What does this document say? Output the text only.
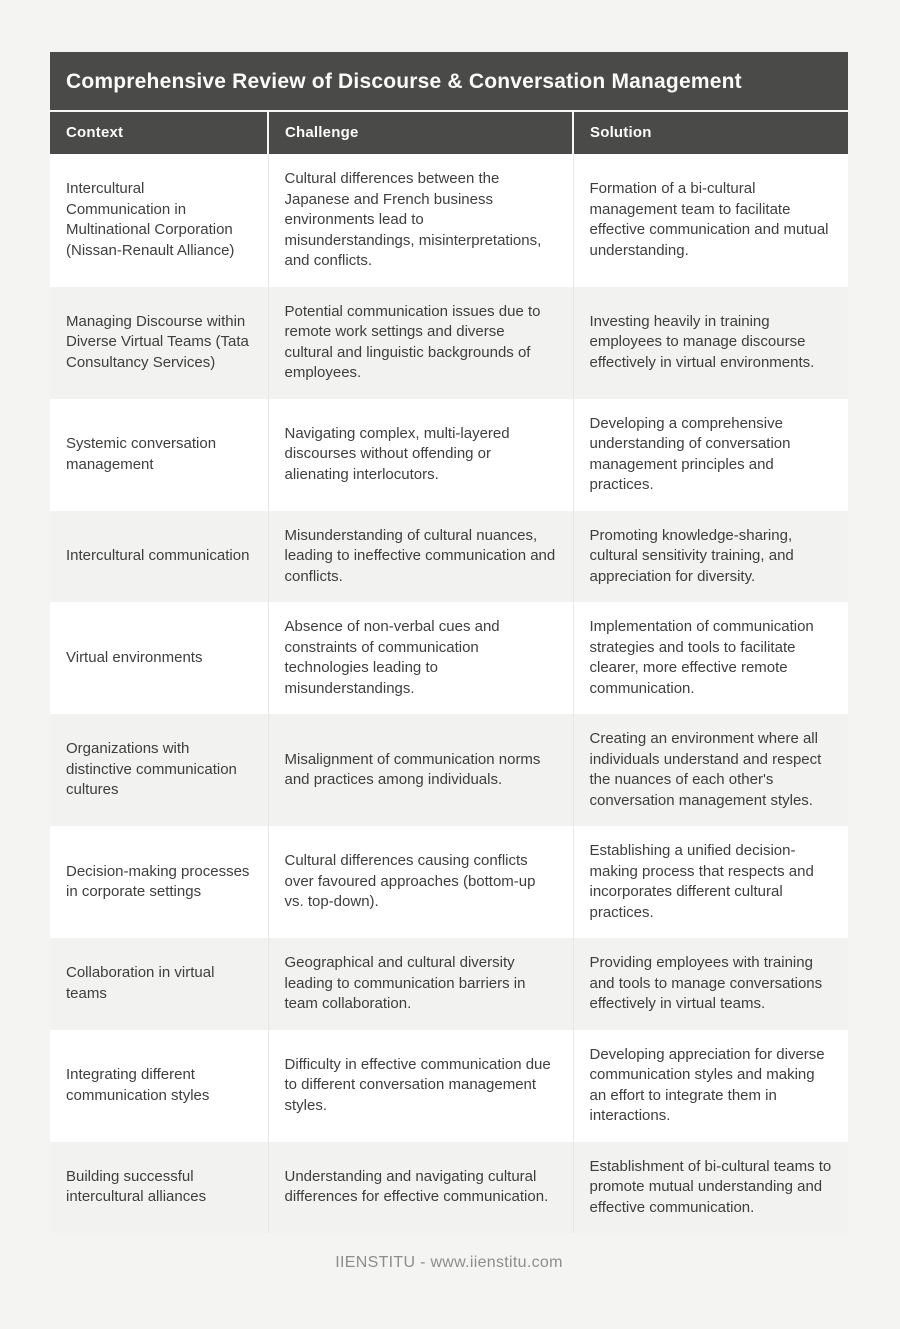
Comprehensive Review of Discourse & Conversation Management
Context	Challenge	Solution
Intercultural Communication in Multinational Corporation (Nissan-Renault Alliance)	Cultural differences between the Japanese and French business environments lead to misunderstandings, misinterpretations, and conflicts.	Formation of a bi-cultural management team to facilitate effective communication and mutual understanding.
Managing Discourse within Diverse Virtual Teams (Tata Consultancy Services)	Potential communication issues due to remote work settings and diverse cultural and linguistic backgrounds of employees.	Investing heavily in training employees to manage discourse effectively in virtual environments.
Systemic conversation management	Navigating complex, multi-layered discourses without offending or alienating interlocutors.	Developing a comprehensive understanding of conversation management principles and practices.
Intercultural communication	Misunderstanding of cultural nuances, leading to ineffective communication and conflicts.	Promoting knowledge-sharing, cultural sensitivity training, and appreciation for diversity.
Virtual environments	Absence of non-verbal cues and constraints of communication technologies leading to misunderstandings.	Implementation of communication strategies and tools to facilitate clearer, more effective remote communication.
Organizations with distinctive communication cultures	Misalignment of communication norms and practices among individuals.	Creating an environment where all individuals understand and respect the nuances of each other's conversation management styles.
Decision-making processes in corporate settings	Cultural differences causing conflicts over favoured approaches (bottom-up vs. top-down).	Establishing a unified decision-making process that respects and incorporates different cultural practices.
Collaboration in virtual teams	Geographical and cultural diversity leading to communication barriers in team collaboration.	Providing employees with training and tools to manage conversations effectively in virtual teams.
Integrating different communication styles	Difficulty in effective communication due to different conversation management styles.	Developing appreciation for diverse communication styles and making an effort to integrate them in interactions.
Building successful intercultural alliances	Understanding and navigating cultural differences for effective communication.	Establishment of bi-cultural teams to promote mutual understanding and effective communication.
IIENSTITU - www.iienstitu.com
